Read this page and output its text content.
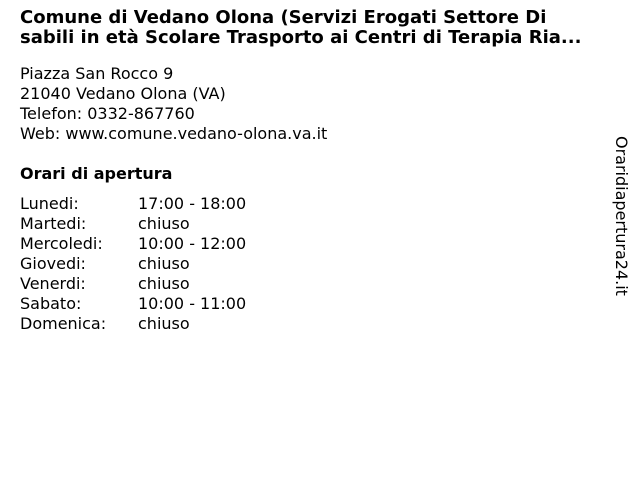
Comune di Vedano Olona (Servizi Erogati Settore Di
sabili in età Scolare Trasporto ai Centri di Terapia Ria...
Piazza San Rocco 9
21040 Vedano Olona (VA)
Telefon: 0332-867760
Web: www.comune.vedano-olona.va.it
Orari di apertura
Lunedi:	17:00 - 18:00
Martedi:	chiuso
Mercoledi: 10:00 - 12:00
Giovedi:	chiuso
Venerdi:	chiuso
Sabato:	10:00 - 11:00
Domenica: chiuso
Oraridiapertura24.it
